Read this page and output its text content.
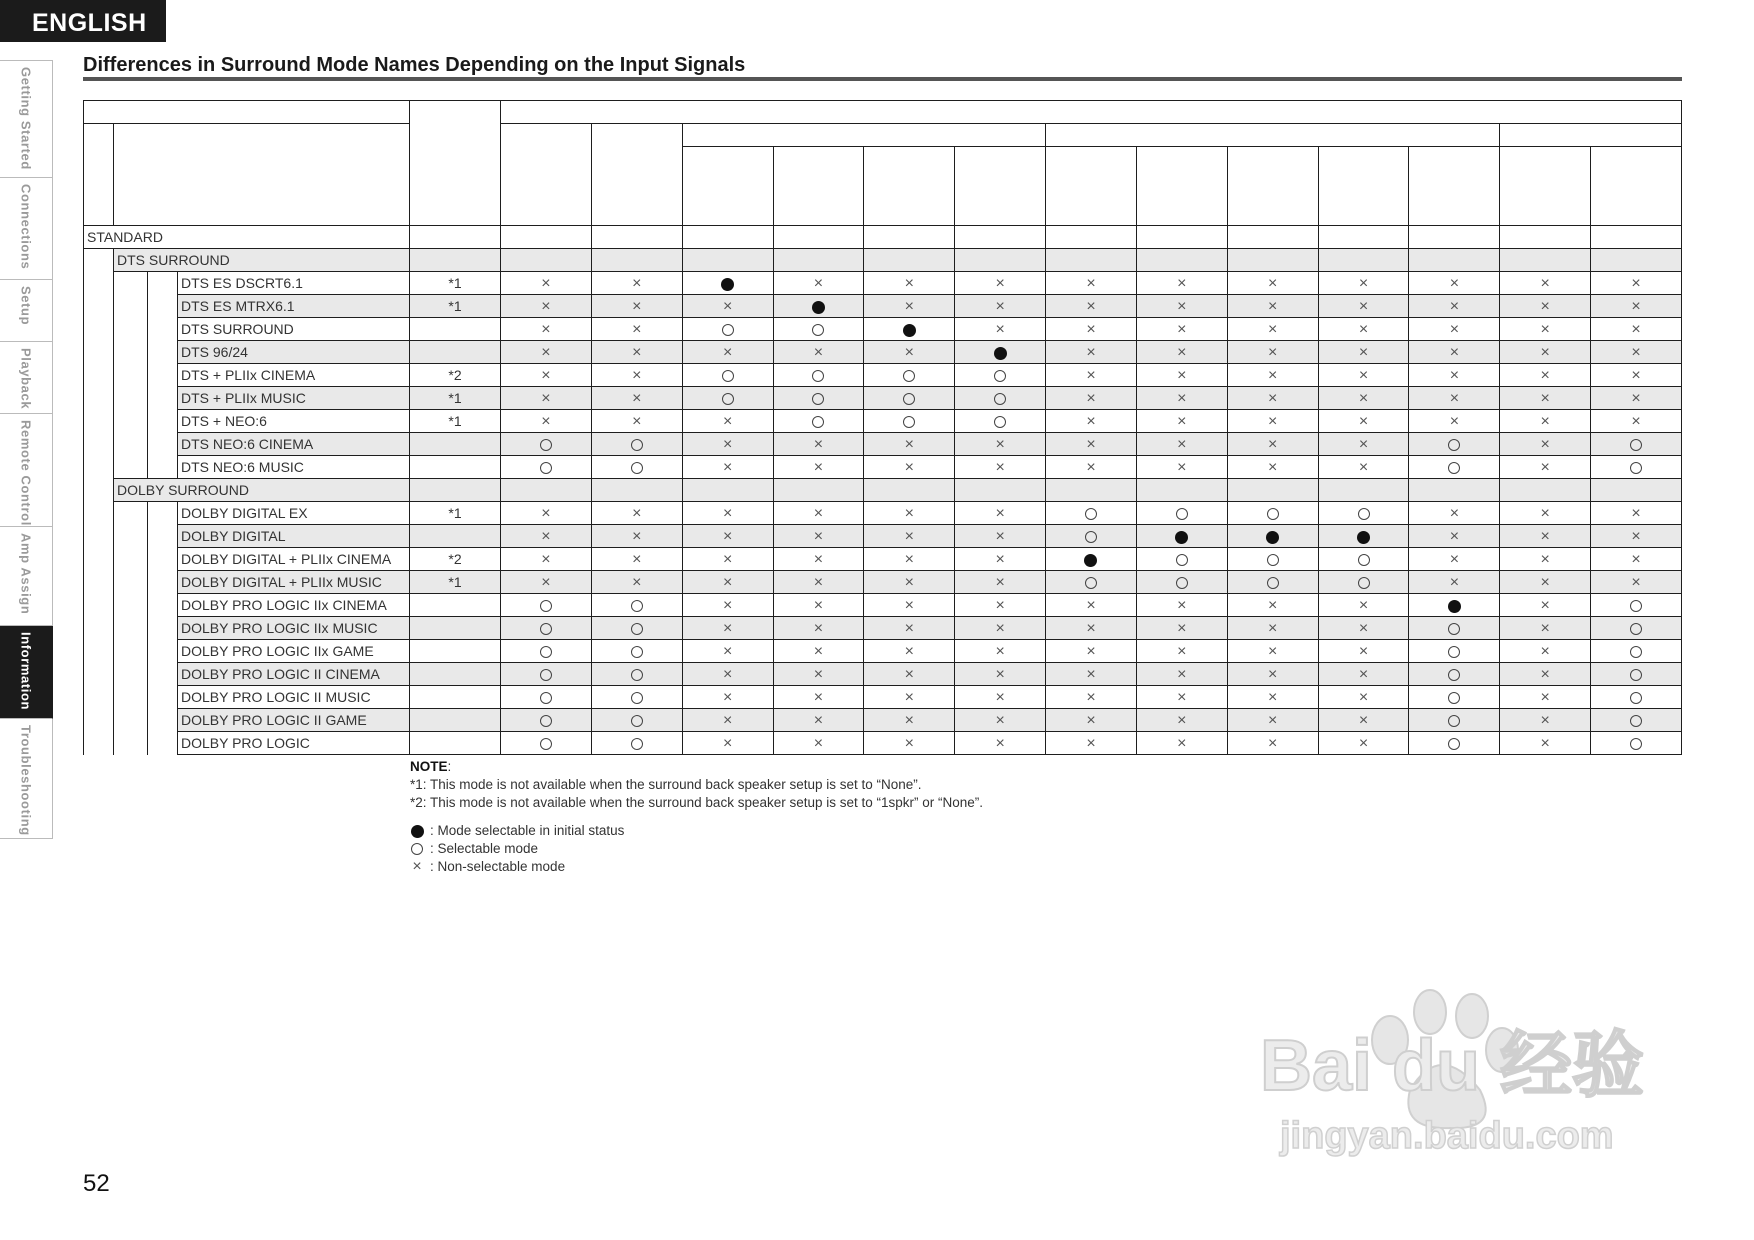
ENGLISH
Getting Started
Connections
Setup
Playback
Remote Control
Amp Assign
Information
Troubleshooting
Differences in Surround Mode Names Depending on the Input Signals

STANDARD																	
	DTS SURROUND																
			DTS ES DSCRT6.1	*1	×	×		×	×	×	×	×	×	×	×	×	×
			DTS ES MTRX6.1	*1	×	×	×		×	×	×	×	×	×	×	×	×
			DTS SURROUND		×	×				×	×	×	×	×	×	×	×
			DTS 96/24		×	×	×	×	×		×	×	×	×	×	×	×
			DTS + PLIIx CINEMA	*2	×	×					×	×	×	×	×	×	×
			DTS + PLIIx MUSIC	*1	×	×					×	×	×	×	×	×	×
			DTS + NEO:6	*1	×	×	×				×	×	×	×	×	×	×
			DTS NEO:6 CINEMA				×	×	×	×	×	×	×	×		×	
			DTS NEO:6 MUSIC				×	×	×	×	×	×	×	×		×	
	DOLBY SURROUND																
			DOLBY DIGITAL EX	*1	×	×	×	×	×	×					×	×	×
			DOLBY DIGITAL		×	×	×	×	×	×					×	×	×
			DOLBY DIGITAL + PLIIx CINEMA	*2	×	×	×	×	×	×					×	×	×
			DOLBY DIGITAL + PLIIx MUSIC	*1	×	×	×	×	×	×					×	×	×
			DOLBY PRO LOGIC IIx CINEMA				×	×	×	×	×	×	×	×		×	
			DOLBY PRO LOGIC IIx MUSIC				×	×	×	×	×	×	×	×		×	
			DOLBY PRO LOGIC IIx GAME				×	×	×	×	×	×	×	×		×	
			DOLBY PRO LOGIC II CINEMA				×	×	×	×	×	×	×	×		×	
			DOLBY PRO LOGIC II MUSIC				×	×	×	×	×	×	×	×		×	
			DOLBY PRO LOGIC II GAME				×	×	×	×	×	×	×	×		×	
			DOLBY PRO LOGIC				×	×	×	×	×	×	×	×		×	
NOTE:
*1: This mode is not available when the surround back speaker setup is set to “None”.
*2: This mode is not available when the surround back speaker setup is set to “1spkr” or “None”.
: Mode selectable in initial status
: Selectable mode
× : Non-selectable mode
52
Bai du 经验
jingyan.baidu.com
